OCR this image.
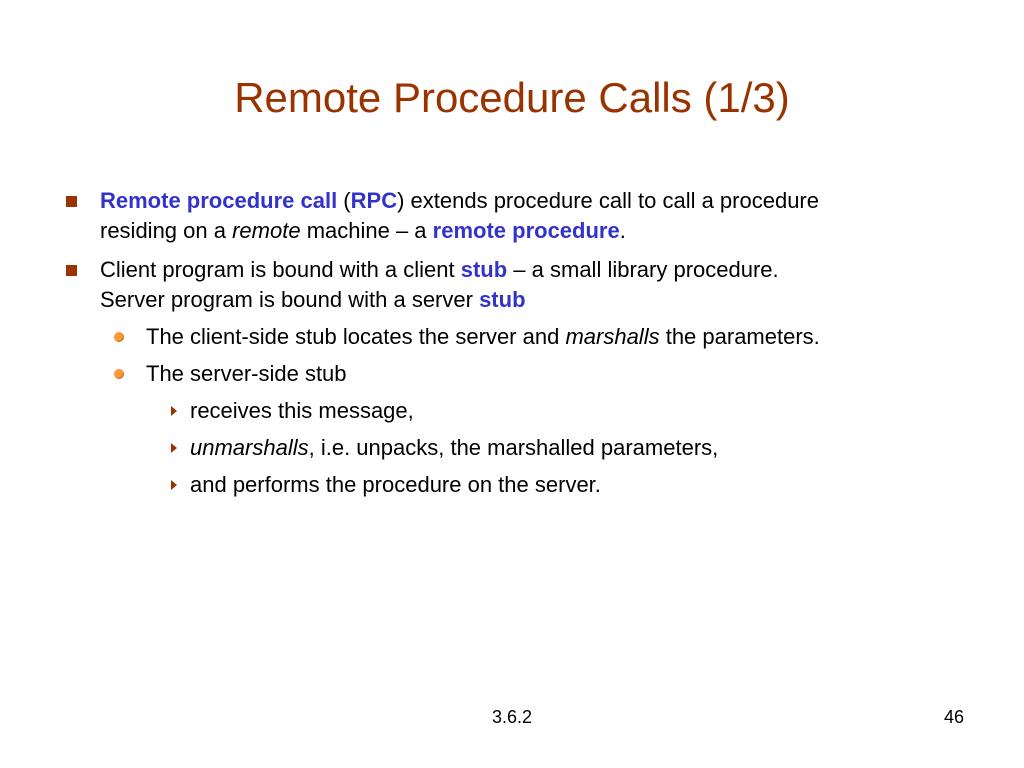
Remote Procedure Calls (1/3)
Remote procedure call (RPC) extends procedure call to call a procedure
residing on a remote machine – a remote procedure.
Client program is bound with a client stub – a small library procedure.
Server program is bound with a server stub
The client-side stub locates the server and marshalls the parameters.
The server-side stub
receives this message,
unmarshalls, i.e. unpacks, the marshalled parameters,
and performs the procedure on the server.
3.6.2	46
